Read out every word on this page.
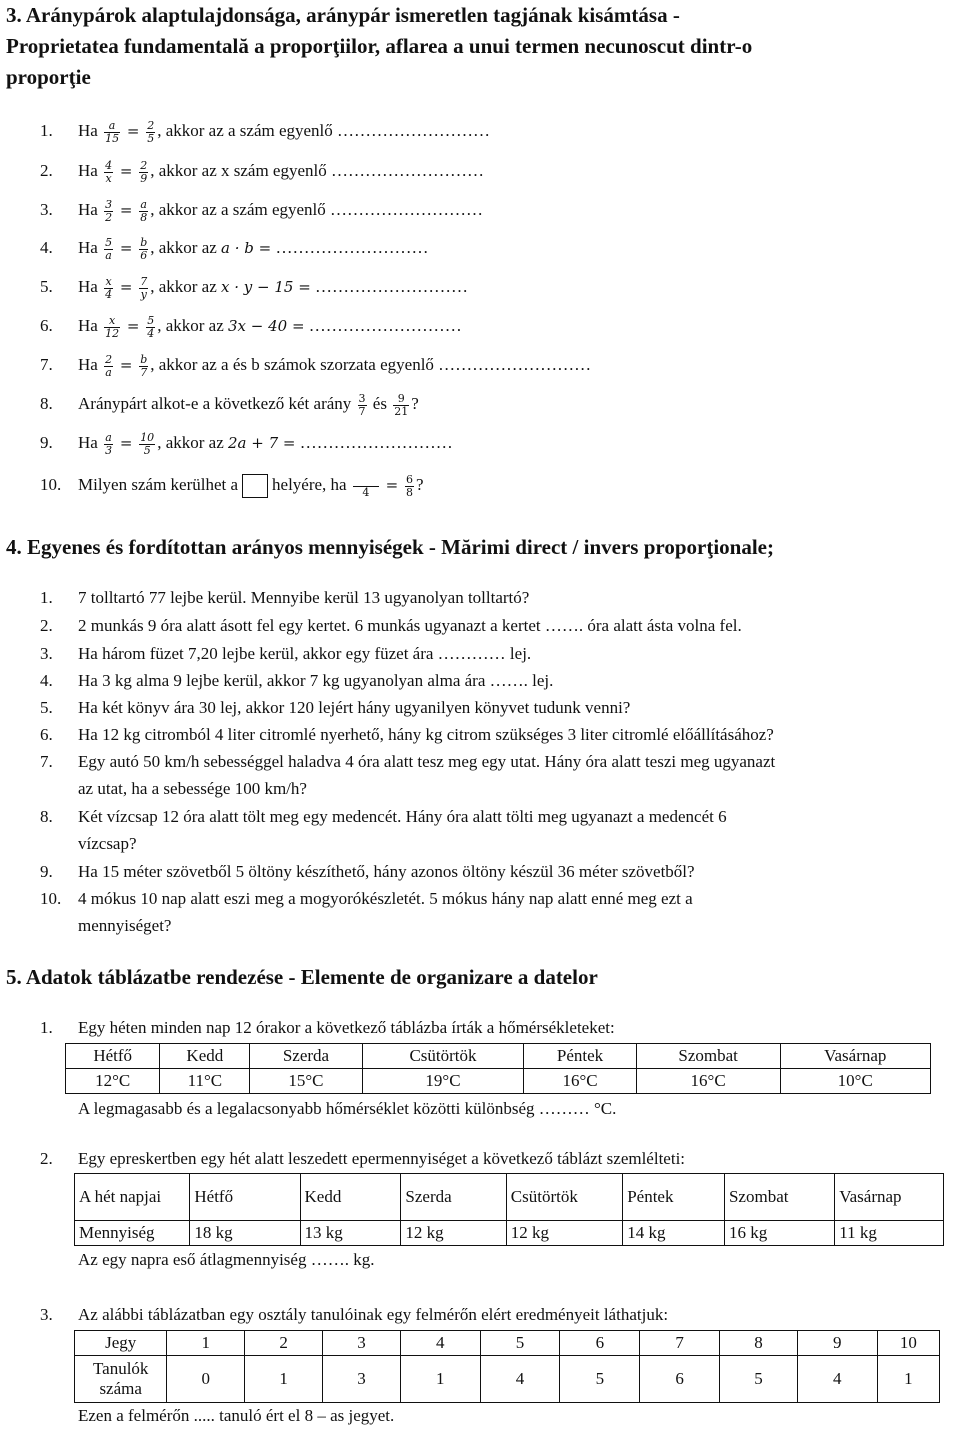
3. Aránypárok alaptulajdonsága, aránypár ismeretlen tagjának kisámtása -
Proprietatea fundamentală a proporţiilor, aflarea a unui termen necunoscut dintr-o
proporţie
1. Ha $\frac{a}{15} = \frac{2}{5}$ , akkor az a szám egyenlő ………………………
2. Ha $\frac{4}{x} = \frac{2}{9}$ , akkor az x szám egyenlő ………………………
3. Ha $\frac{3}{2} = \frac{a}{8}$ , akkor az a szám egyenlő ………………………
4. Ha $\frac{5}{a} = \frac{b}{6}$ , akkor az a · b = ………………………
5. Ha $\frac{x}{4} = \frac{7}{y}$ , akkor az x · y − 15 = ………………………
6. Ha $\frac{x}{12} = \frac{5}{4}$ , akkor az 3x − 40 = ………………………
7. Ha $\frac{2}{a} = \frac{b}{7}$ , akkor az a és b számok szorzata egyenlő ………………………
8. Aránypárt alkot-e a következő két arány $\frac{3}{7}$ és $\frac{9}{21}$ ?
9. Ha $\frac{a}{3} = \frac{10}{5}$ , akkor az 2a + 7 = ………………………
10. Milyen szám kerülhet a helyére, ha	$4 = \frac{6}{8}$ ?
4. Egyenes és fordítottan arányos mennyiségek - Mărimi direct / invers proporţionale;
1. 7 tolltartó 77 lejbe kerül. Mennyibe kerül 13 ugyanolyan tolltartó?
2. 2 munkás 9 óra alatt ásott fel egy kertet. 6 munkás ugyanazt a kertet ……. óra alatt ásta volna fel.
3. Ha három füzet 7,20 lejbe kerül, akkor egy füzet ára ………… lej.
4. Ha 3 kg alma 9 lejbe kerül, akkor 7 kg ugyanolyan alma ára ……. lej.
5. Ha két könyv ára 30 lej, akkor 120 lejért hány ugyanilyen könyvet tudunk venni?
6. Ha 12 kg citromból 4 liter citromlé nyerhető, hány kg citrom szükséges 3 liter citromlé előállításához?
7. Egy autó 50 km/h sebességgel haladva 4 óra alatt tesz meg egy utat. Hány óra alatt teszi meg ugyanazt
az utat, ha a sebessége 100 km/h?
8. Két vízcsap 12 óra alatt tölt meg egy medencét. Hány óra alatt tölti meg ugyanazt a medencét 6
vízcsap?
9. Ha 15 méter szövetből 5 öltöny készíthető, hány azonos öltöny készül 36 méter szövetből?
10. 4 mókus 10 nap alatt eszi meg a mogyorókészletét. 5 mókus hány nap alatt enné meg ezt a
mennyiséget?
5. Adatok táblázatbe rendezése - Elemente de organizare a datelor
1. Egy héten minden nap 12 órakor a következő táblázba írták a hőmérsékleteket:
Hétfő	Kedd	Szerda	Csütörtök	Péntek	Szombat	Vasárnap
12°C	11°C	15°C	19°C	16°C	16°C	10°C
A legmagasabb és a legalacsonyabb hőmérséklet közötti különbség ……… °C.
2. Egy epreskertben egy hét alatt leszedett epermennyiséget a következő táblázt szemlélteti:
A hét napjai	Hétfő	Kedd	Szerda	Csütörtök	Péntek	Szombat	Vasárnap
Mennyiség	18 kg	13 kg	12 kg	12 kg	14 kg	16 kg	11 kg
Az egy napra eső átlagmennyiség ……. kg.
3. Az alábbi táblázatban egy osztály tanulóinak egy felmérőn elért eredményeit láthatjuk:
Jegy	1	2	3	4	5	6	7	8	9	10
Tanulók száma	0	1	3	1	4	5	6	5	4	1
Ezen a felmérőn ..... tanuló ért el 8 – as jegyet.
